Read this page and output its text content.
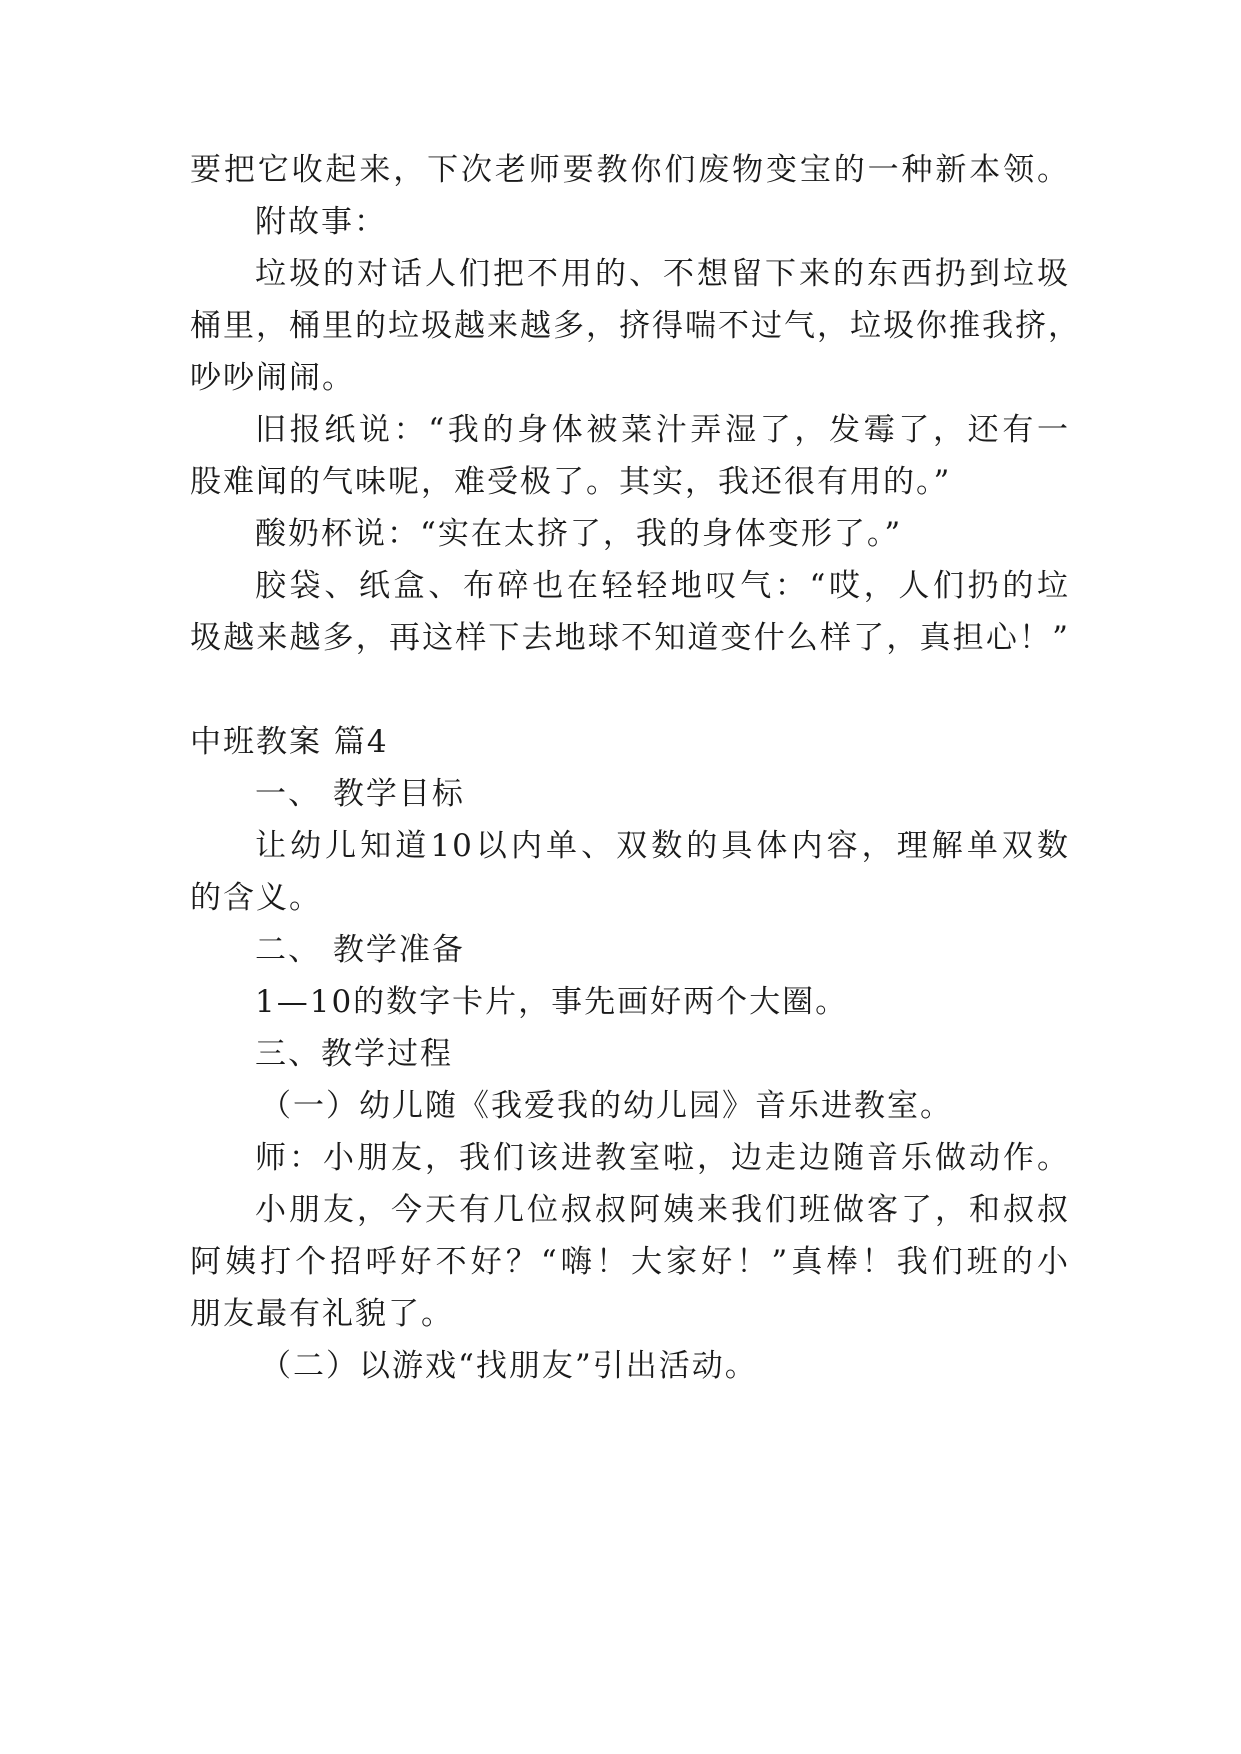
要把它收起来，下次老师要教你们废物变宝的一种新本领。
附故事：
垃圾的对话人们把不用的、不想留下来的东西扔到垃圾
桶里，桶里的垃圾越来越多，挤得喘不过气，垃圾你推我挤，
吵吵闹闹。
旧报纸说：“我的身体被菜汁弄湿了，发霉了，还有一
股难闻的气味呢，难受极了。其实，我还很有用的。”
酸奶杯说：“实在太挤了，我的身体变形了。”
胶袋、纸盒、布碎也在轻轻地叹气：“哎，人们扔的垃
圾越来越多，再这样下去地球不知道变什么样了，真担心！”
中班教案 篇4
一、 教学目标
让幼儿知道10以内单、双数的具体内容，理解单双数
的含义。
二、 教学准备
1—10的数字卡片，事先画好两个大圈。
三、教学过程
（一）幼儿随《我爱我的幼儿园》音乐进教室。
师：小朋友，我们该进教室啦，边走边随音乐做动作。
小朋友，今天有几位叔叔阿姨来我们班做客了，和叔叔
阿姨打个招呼好不好？“嗨！大家好！”真棒！我们班的小
朋友最有礼貌了。
（二）以游戏“找朋友”引出活动。
